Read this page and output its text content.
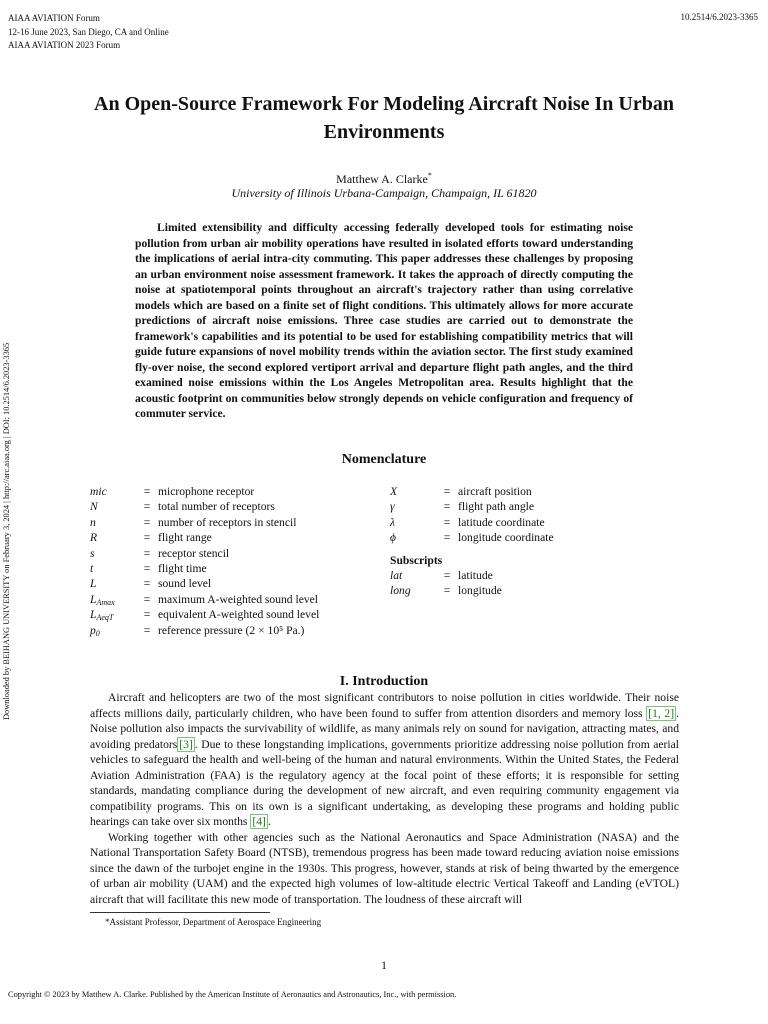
AIAA AVIATION Forum
12-16 June 2023, San Diego, CA and Online
AIAA AVIATION 2023 Forum
10.2514/6.2023-3365
Downloaded by BEIHANG UNIVERSITY on February 3, 2024 | http://arc.aiaa.org | DOI: 10.2514/6.2023-3365
An Open-Source Framework For Modeling Aircraft Noise In Urban Environments
Matthew A. Clarke*
University of Illinois Urbana-Campaign, Champaign, IL 61820
Limited extensibility and difficulty accessing federally developed tools for estimating noise pollution from urban air mobility operations have resulted in isolated efforts toward understanding the implications of aerial intra-city commuting. This paper addresses these challenges by proposing an urban environment noise assessment framework. It takes the approach of directly computing the noise at spatiotemporal points throughout an aircraft's trajectory rather than using correlative models which are based on a finite set of flight conditions. This ultimately allows for more accurate predictions of aircraft noise emissions. Three case studies are carried out to demonstrate the framework's capabilities and its potential to be used for establishing compatibility metrics that will guide future expansions of novel mobility trends within the aviation sector. The first study examined fly-over noise, the second explored vertiport arrival and departure flight path angles, and the third examined noise emissions within the Los Angeles Metropolitan area. Results highlight that the acoustic footprint on communities below strongly depends on vehicle configuration and frequency of commuter service.
Nomenclature
mic	= microphone receptor
N	= total number of receptors
n	= number of receptors in stencil
R	= flight range
s	= receptor stencil
t	= flight time
L	= sound level
$L_{Amax}$	= maximum A-weighted sound level
$L_{AeqT}$	= equivalent A-weighted sound level
$p_0$	= reference pressure (2 × 10⁵ Pa.)
X⃗	= aircraft position
γ	= flight path angle
λ	= latitude coordinate
ϕ	= longitude coordinate
Subscripts
lat	= latitude
long	= longitude
I. Introduction

Aircraft and helicopters are two of the most significant contributors to noise pollution in cities worldwide. Their noise affects millions daily, particularly children, who have been found to suffer from attention disorders and memory loss [1, 2] . Noise pollution also impacts the survivability of wildlife, as many animals rely on sound for navigation, attracting mates, and avoiding predators [3] . Due to these longstanding implications, governments prioritize addressing noise pollution from aerial vehicles to safeguard the health and well-being of the human and natural environments. Within the United States, the Federal Aviation Administration (FAA) is the regulatory agency at the focal point of these efforts; it is responsible for setting standards, mandating compliance during the development of new aircraft, and even requiring community engagement via compatibility programs. This on its own is a significant undertaking, as developing these programs and holding public hearings can take over six months [4] .

Working together with other agencies such as the National Aeronautics and Space Administration (NASA) and the National Transportation Safety Board (NTSB), tremendous progress has been made toward reducing aviation noise emissions since the dawn of the turbojet engine in the 1930s. This progress, however, stands at risk of being thwarted by the emergence of urban air mobility (UAM) and the expected high volumes of low-altitude electric Vertical Takeoff and Landing (eVTOL) aircraft that will facilitate this new mode of transportation. The loudness of these aircraft will

*Assistant Professor, Department of Aerospace Engineering
1
Copyright © 2023 by Matthew A. Clarke. Published by the American Institute of Aeronautics and Astronautics, Inc., with permission.
